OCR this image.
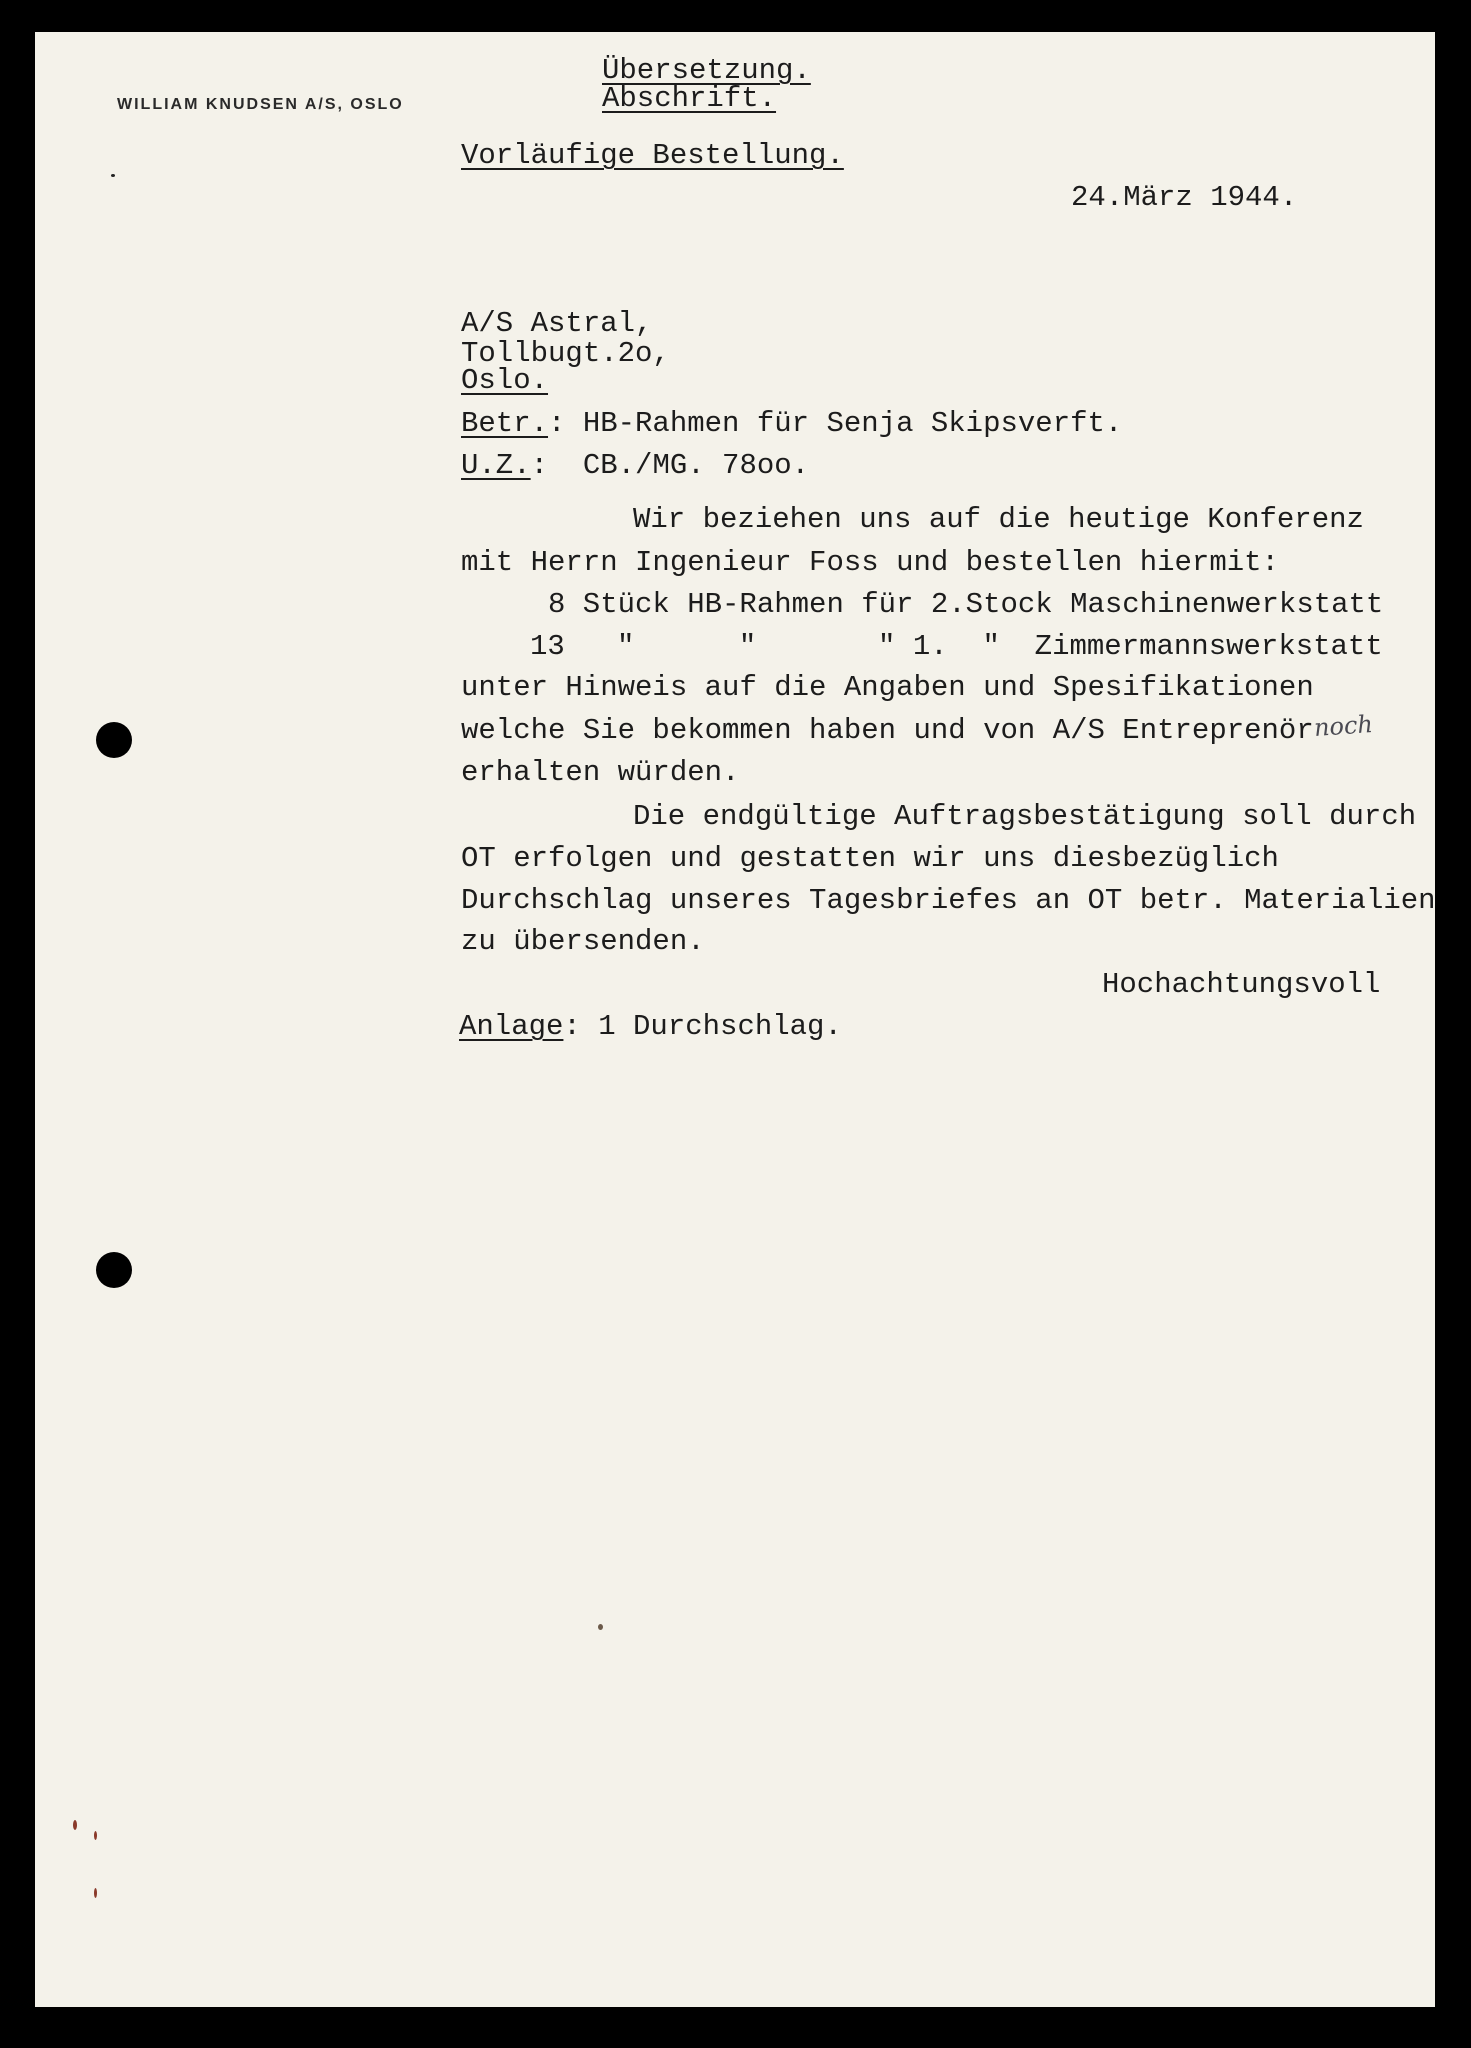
WILLIAM KNUDSEN A/S, OSLO
Übersetzung.
Abschrift.
Vorläufige Bestellung.
24.März 1944.
A/S Astral,
Tollbugt.2o,
Oslo.
Betr.: HB-Rahmen für Senja Skipsverft.
U.Z.:  CB./MG. 78oo.
Wir beziehen uns auf die heutige Konferenz
mit Herrn Ingenieur Foss und bestellen hiermit:
8 Stück HB-Rahmen für 2.Stock Maschinenwerkstatt
13   "      "       " 1.  "  Zimmermannswerkstatt
unter Hinweis auf die Angaben und Spesifikationen
welche Sie bekommen haben und von A/S Entreprenör noch
erhalten würden.
Die endgültige Auftragsbestätigung soll durch
OT erfolgen und gestatten wir uns diesbezüglich
Durchschlag unseres Tagesbriefes an OT betr. Materialien
zu übersenden.
Hochachtungsvoll
Anlage: 1 Durchschlag.
